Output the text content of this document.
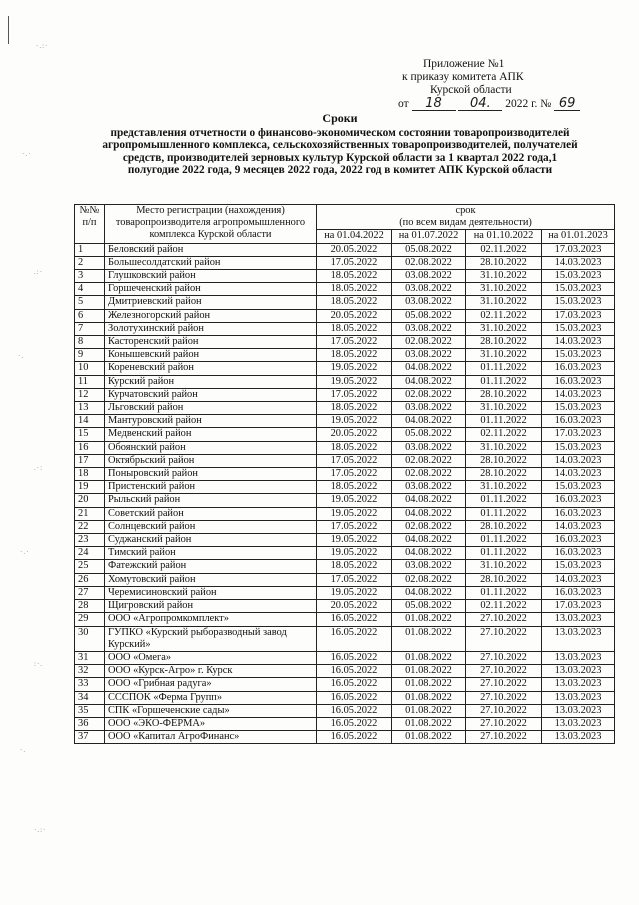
·.:·
·.·
.:·
·.
.·:
·.·
:·.
·.
·.:·
Приложение №1
к приказу комитета АПК
Курской области
от 18 04. 2022 г. № 69
Сроки
представления отчетности о финансово-экономическом состоянии товаропроизводителей агропромышленного комплекса, сельскохозяйственных товаропроизводителей, получателей средств, производителей зерновых культур Курской области за 1 квартал 2022 года,1 полугодие 2022 года, 9 месяцев 2022 года, 2022 год в комитет АПК Курской области
№№ п/п	Место регистрации (нахождения) товаропроизводителя агропромышленного комплекса Курской области	срок
(по всем видам деятельности)			

		на 01.04.2022	на 01.07.2022	на 01.10.2022	на 01.01.2023
1	Беловский район	20.05.2022	05.08.2022	02.11.2022	17.03.2023
2	Большесолдатский район	17.05.2022	02.08.2022	28.10.2022	14.03.2023
3	Глушковский район	18.05.2022	03.08.2022	31.10.2022	15.03.2023
4	Горшеченский район	18.05.2022	03.08.2022	31.10.2022	15.03.2023
5	Дмитриевский район	18.05.2022	03.08.2022	31.10.2022	15.03.2023
6	Железногорский район	20.05.2022	05.08.2022	02.11.2022	17.03.2023
7	Золотухинский район	18.05.2022	03.08.2022	31.10.2022	15.03.2023
8	Касторенский район	17.05.2022	02.08.2022	28.10.2022	14.03.2023
9	Конышевский район	18.05.2022	03.08.2022	31.10.2022	15.03.2023
10	Кореневский район	19.05.2022	04.08.2022	01.11.2022	16.03.2023
11	Курский район	19.05.2022	04.08.2022	01.11.2022	16.03.2023
12	Курчатовский район	17.05.2022	02.08.2022	28.10.2022	14.03.2023
13	Льговский район	18.05.2022	03.08.2022	31.10.2022	15.03.2023
14	Мантуровский район	19.05.2022	04.08.2022	01.11.2022	16.03.2023
15	Медвенский район	20.05.2022	05.08.2022	02.11.2022	17.03.2023
16	Обоянский район	18.05.2022	03.08.2022	31.10.2022	15.03.2023
17	Октябрьский район	17.05.2022	02.08.2022	28.10.2022	14.03.2023
18	Поныровский район	17.05.2022	02.08.2022	28.10.2022	14.03.2023
19	Пристенский район	18.05.2022	03.08.2022	31.10.2022	15.03.2023
20	Рыльский район	19.05.2022	04.08.2022	01.11.2022	16.03.2023
21	Советский район	19.05.2022	04.08.2022	01.11.2022	16.03.2023
22	Солнцевский район	17.05.2022	02.08.2022	28.10.2022	14.03.2023
23	Суджанский район	19.05.2022	04.08.2022	01.11.2022	16.03.2023
24	Тимский район	19.05.2022	04.08.2022	01.11.2022	16.03.2023
25	Фатежский район	18.05.2022	03.08.2022	31.10.2022	15.03.2023
26	Хомутовский район	17.05.2022	02.08.2022	28.10.2022	14.03.2023
27	Черемисиновский район	19.05.2022	04.08.2022	01.11.2022	16.03.2023
28	Щигровский район	20.05.2022	05.08.2022	02.11.2022	17.03.2023
29	ООО «Агропромкомплект»	16.05.2022	01.08.2022	27.10.2022	13.03.2023
30	ГУПКО «Курский рыборазводный завод Курский»	16.05.2022	01.08.2022	27.10.2022	13.03.2023
31	ООО «Омега»	16.05.2022	01.08.2022	27.10.2022	13.03.2023
32	ООО «Курск-Агро» г. Курск	16.05.2022	01.08.2022	27.10.2022	13.03.2023
33	ООО «Грибная радуга»	16.05.2022	01.08.2022	27.10.2022	13.03.2023
34	СССПОК «Ферма Групп»	16.05.2022	01.08.2022	27.10.2022	13.03.2023
35	СПК «Горшеченские сады»	16.05.2022	01.08.2022	27.10.2022	13.03.2023
36	ООО «ЭКО-ФЕРМА»	16.05.2022	01.08.2022	27.10.2022	13.03.2023
37	ООО «Капитал АгроФинанс»	16.05.2022	01.08.2022	27.10.2022	13.03.2023
